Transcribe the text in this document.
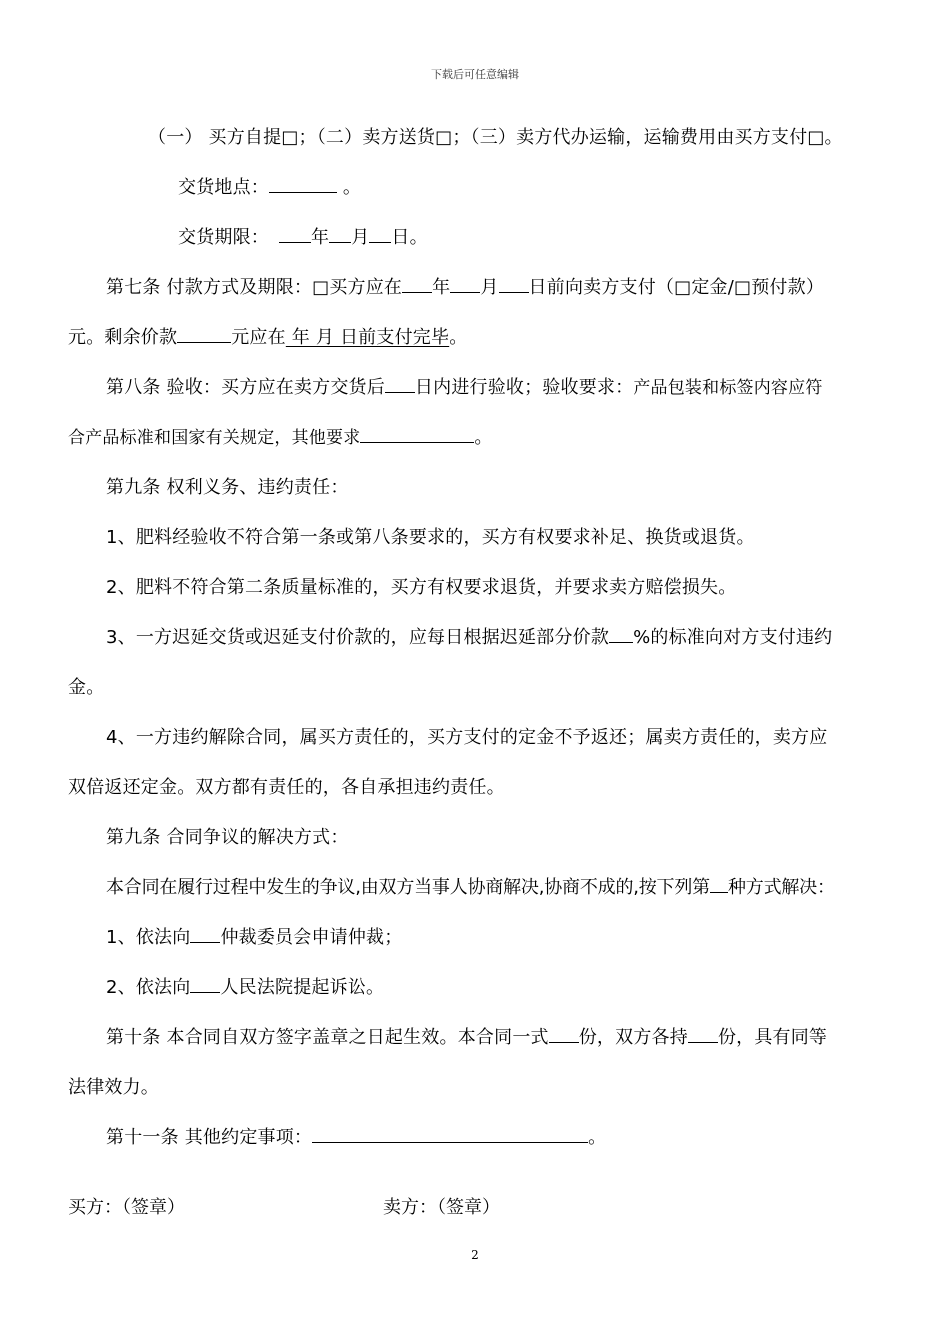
下载后可任意编辑
（一） 买方自提□；（二）卖方送货□；（三）卖方代办运输，运输费用由买方支付□。
交货地点：	。
交货期限： 年 月 日。
第七条 付款方式及期限：□买方应在 年 月 日前向卖方支付（□定金/□预付款）
元。剩余价款	元应在 年 月 日前支付完毕。
第八条 验收：买方应在卖方交货后 日内进行验收；验收要求：产品包装和标签内容应符
合产品标准和国家有关规定，其他要求	。
第九条 权利义务、违约责任：
1、肥料经验收不符合第一条或第八条要求的，买方有权要求补足、换货或退货。
2、肥料不符合第二条质量标准的，买方有权要求退货，并要求卖方赔偿损失。
3、一方迟延交货或迟延支付价款的，应每日根据迟延部分价款 %的标准向对方支付违约
金。
4、一方违约解除合同，属买方责任的，买方支付的定金不予返还；属卖方责任的，卖方应
双倍返还定金。双方都有责任的，各自承担违约责任。
第九条 合同争议的解决方式：
本合同在履行过程中发生的争议,由双方当事人协商解决,协商不成的,按下列第 种方式解决：
1、依法向 仲裁委员会申请仲裁；
2、依法向 人民法院提起诉讼。
第十条 本合同自双方签字盖章之日起生效。本合同一式 份，双方各持 份，具有同等
法律效力。
第十一条 其他约定事项：	。
买方：（签章）	卖方：（签章）
2
